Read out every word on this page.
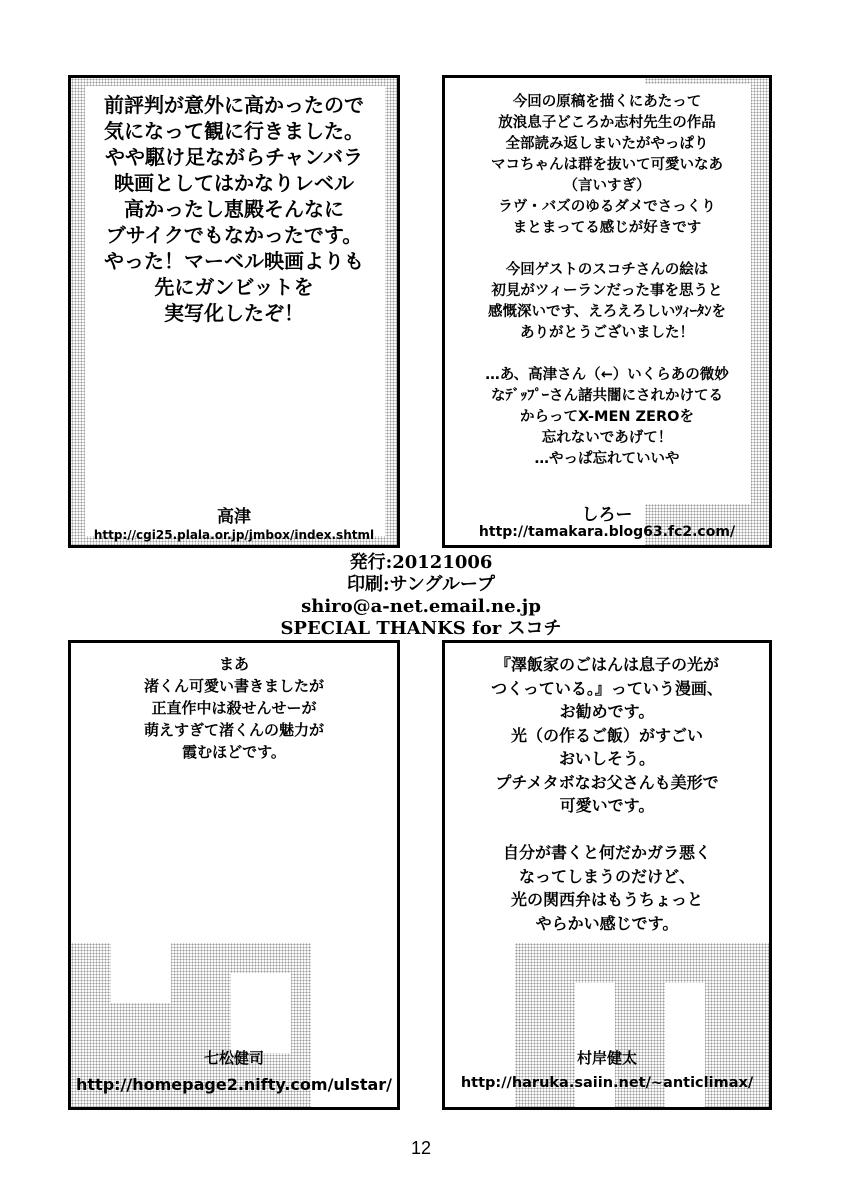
前評判が意外に高かったので

気になって観に行きました。

やや駆け足ながらチャンバラ

映画としてはかなりレベル

高かったし恵殿そんなに

ブサイクでもなかったです。

やった！マーベル映画よりも

先にガンビットを

実写化したぞ！

高津
http://cgi25.plala.or.jp/jmbox/index.shtml

今回の原稿を描くにあたって

放浪息子どころか志村先生の作品

全部読み返しまいたがやっぱり

マコちゃんは群を抜いて可愛いなあ

（言いすぎ）

ラヴ・バズのゆるダメでさっくり

まとまってる感じが好きです

今回ゲストのスコチさんの絵は

初見がツィーランだった事を思うと

感慨深いです、えろえろしいﾂｨｰﾀﾝを

ありがとうございました！

…あ、高津さん（←）いくらあの微妙

なﾃﾞｯﾌﾟｰさん諸共闇にされかけてる

からってX-MEN ZEROを

忘れないであげて！

…やっぱ忘れていいや

しろー
http://tamakara.blog63.fc2.com/
発行:20121006
印刷:サングループ
shiro@a-net.email.ne.jp
SPECIAL THANKS for スコチ

まあ

渚くん可愛い書きましたが

正直作中は殺せんせーが

萌えすぎて渚くんの魅力が

霞むほどです。

七松健司
http://homepage2.nifty.com/ulstar/

『澤飯家のごはんは息子の光が

つくっている。』っていう漫画、

お勧めです。

光（の作るご飯）がすごい

おいしそう。

プチメタボなお父さんも美形で

可愛いです。

自分が書くと何だかガラ悪く

なってしまうのだけど、

光の関西弁はもうちょっと

やらかい感じです。

村岸健太
http://haruka.saiin.net/~anticlimax/
12
